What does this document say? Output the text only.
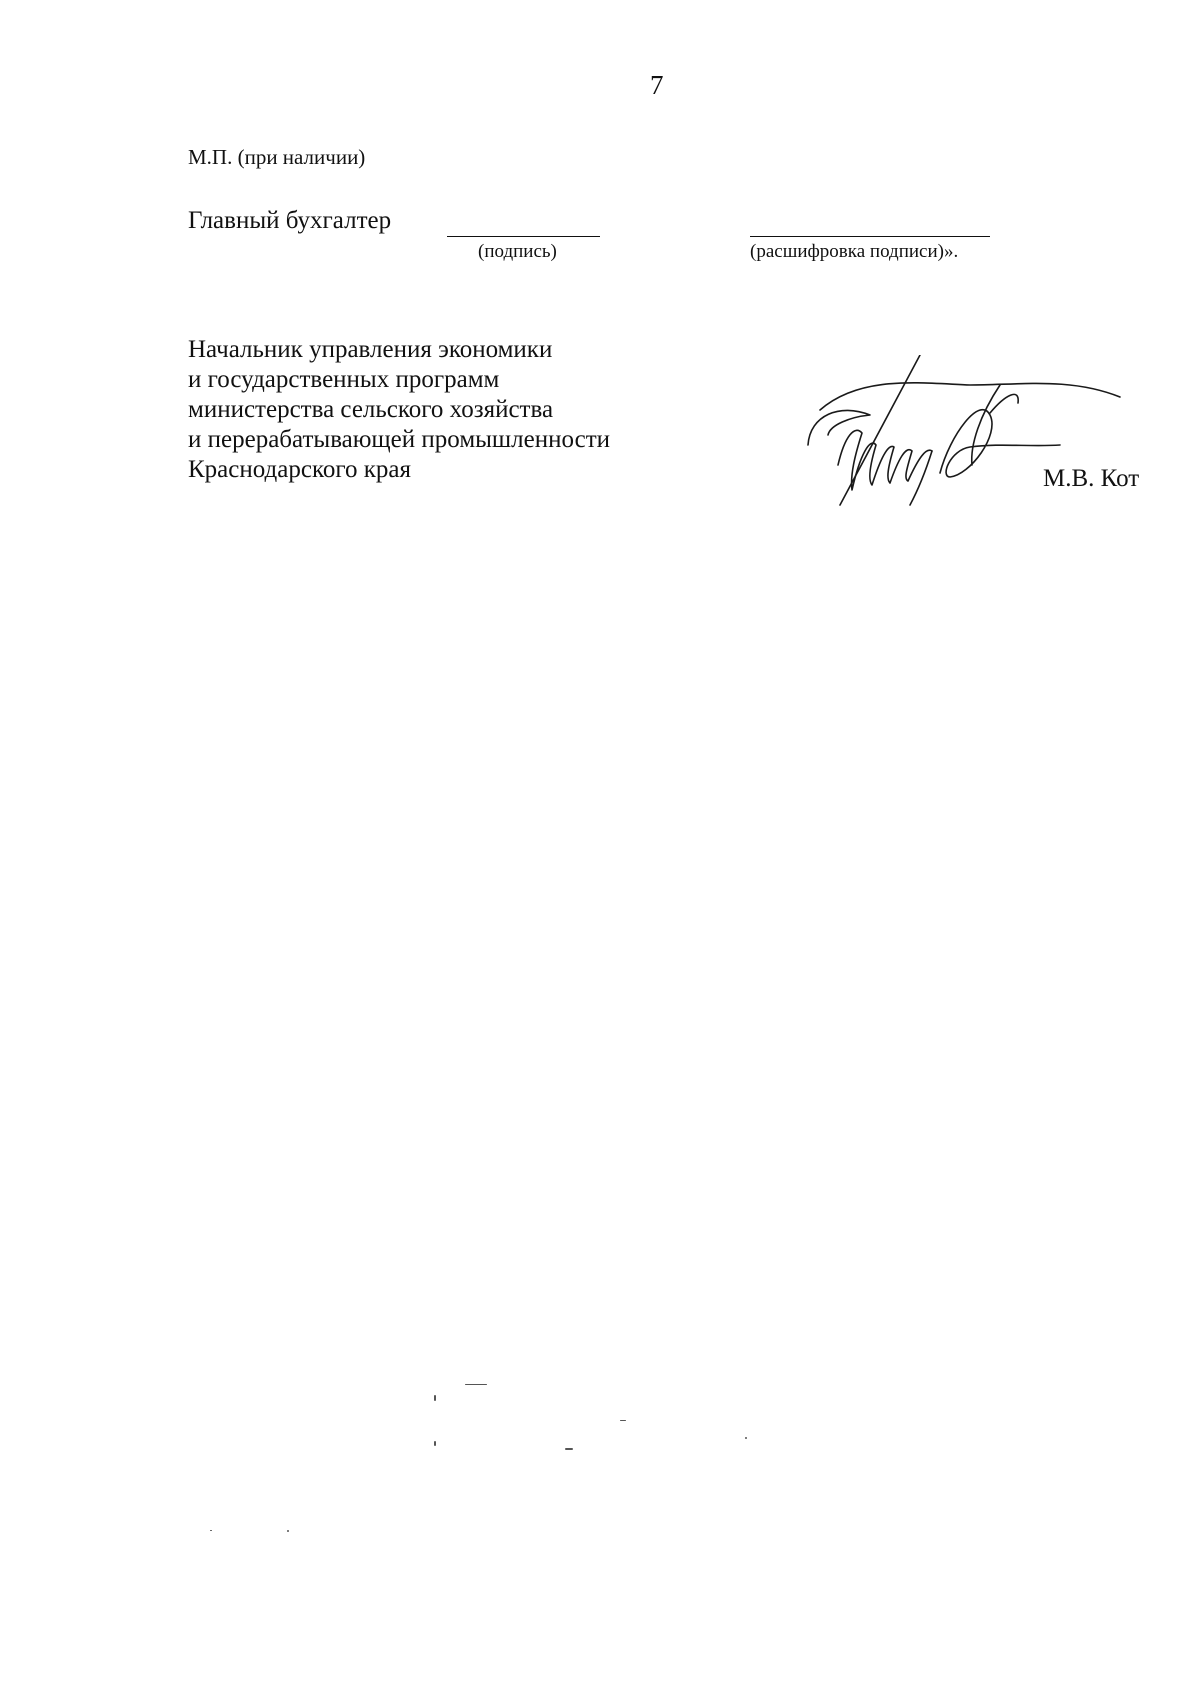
7
М.П. (при наличии)
Главный бухгалтер
(подпись)	(расшифровка подписи)».
Начальник управления экономики
и государственных программ
министерства сельского хозяйства
и перерабатывающей промышленности
Краснодарского края	М.В. Кот
